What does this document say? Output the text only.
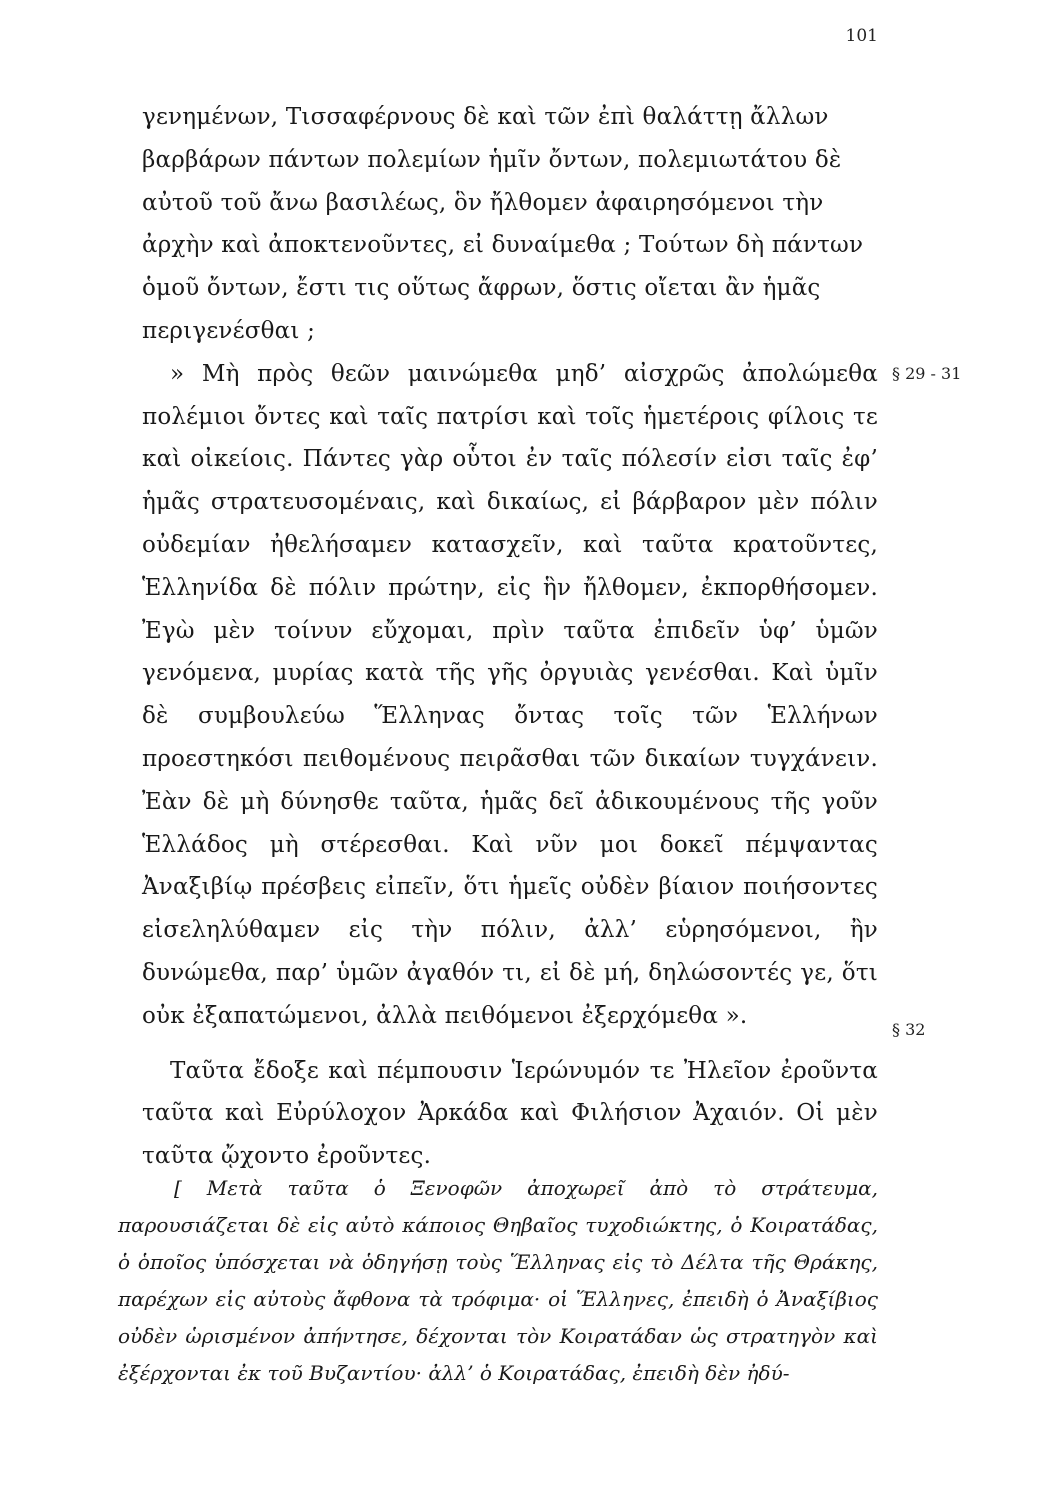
101

γενημένων, Τισσαφέρνους δὲ καὶ τῶν ἐπὶ θαλάττῃ ἄλλων βαρβάρων πάντων πολεμίων ἡμῖν ὄντων, πολεμιωτάτου δὲ αὐτοῦ τοῦ ἄνω βασιλέως, ὃν ἤλθομεν ἀφαιρησόμενοι τὴν ἀρχὴν καὶ ἀποκτενοῦντες, εἰ δυναίμεθα ; Τούτων δὴ πάντων ὁμοῦ ὄντων, ἔστι τις οὕτως ἄφρων, ὅστις οἴεται ἂν ἡμᾶς περιγενέσθαι ;

» Μὴ πρὸς θεῶν μαινώμεθα μηδ’ αἰσχρῶς ἀπολώμεθα πολέμιοι ὄντες καὶ ταῖς πατρίσι καὶ τοῖς ἡμετέροις φίλοις τε καὶ οἰκείοις. Πάντες γὰρ οὗτοι ἐν ταῖς πόλεσίν εἰσι ταῖς ἐφ’ ἡμᾶς στρατευσομέναις, καὶ δικαίως, εἰ βάρβαρον μὲν πόλιν οὐδεμίαν ἠθελήσαμεν κατασχεῖν, καὶ ταῦτα κρατοῦντες, Ἑλληνίδα δὲ πόλιν πρώτην, εἰς ἣν ἤλθομεν, ἐκπορθήσομεν. Ἐγὼ μὲν τοίνυν εὔχομαι, πρὶν ταῦτα ἐπιδεῖν ὑφ’ ὑμῶν γενόμενα, μυρίας κατὰ τῆς γῆς ὀργυιὰς γενέσθαι. Καὶ ὑμῖν δὲ συμβουλεύω Ἕλληνας ὄντας τοῖς τῶν Ἑλλήνων προεστηκόσι πειθομένους πειρᾶσθαι τῶν δικαίων τυγχάνειν. Ἐὰν δὲ μὴ δύνησθε ταῦτα, ἡμᾶς δεῖ ἀδικουμένους τῆς γοῦν Ἑλλάδος μὴ στέρεσθαι. Καὶ νῦν μοι δοκεῖ πέμψαντας Ἀναξιβίῳ πρέσβεις εἰπεῖν, ὅτι ἡμεῖς οὐδὲν βίαιον ποιήσοντες εἰσεληλύθαμεν εἰς τὴν πόλιν, ἀλλ’ εὑρησόμενοι, ἢν δυνώμεθα, παρ’ ὑμῶν ἀγαθόν τι, εἰ δὲ μή, δηλώσοντές γε, ὅτι οὐκ ἐξαπατώμενοι, ἀλλὰ πειθόμενοι ἐξερχόμεθα ».

Ταῦτα ἔδοξε καὶ πέμπουσιν Ἱερώνυμόν τε Ἠλεῖον ἐροῦντα ταῦτα καὶ Εὐρύλοχον Ἀρκάδα καὶ Φιλήσιον Ἀχαιόν. Οἱ μὲν ταῦτα ᾤχοντο ἐροῦντες.

§ 29 - 31
§ 32

[ Μετὰ ταῦτα ὁ Ξενοφῶν ἀποχωρεῖ ἀπὸ τὸ στράτευμα, παρουσιάζεται δὲ εἰς αὐτὸ κάποιος Θηβαῖος τυχοδιώκτης, ὁ Κοιρατάδας, ὁ ὁποῖος ὑπόσχεται νὰ ὁδηγήσῃ τοὺς Ἕλληνας εἰς τὸ Δέλτα τῆς Θράκης, παρέχων εἰς αὐτοὺς ἄφθονα τὰ τρόφιμα· οἱ Ἕλληνες, ἐπειδὴ ὁ Ἀναξίβιος οὐδὲν ὡρισμένον ἀπήντησε, δέχονται τὸν Κοιρατάδαν ὡς στρατηγὸν καὶ ἐξέρχονται ἐκ τοῦ Βυζαντίου· ἀλλ’ ὁ Κοιρατάδας, ἐπειδὴ δὲν ἠδύ-
